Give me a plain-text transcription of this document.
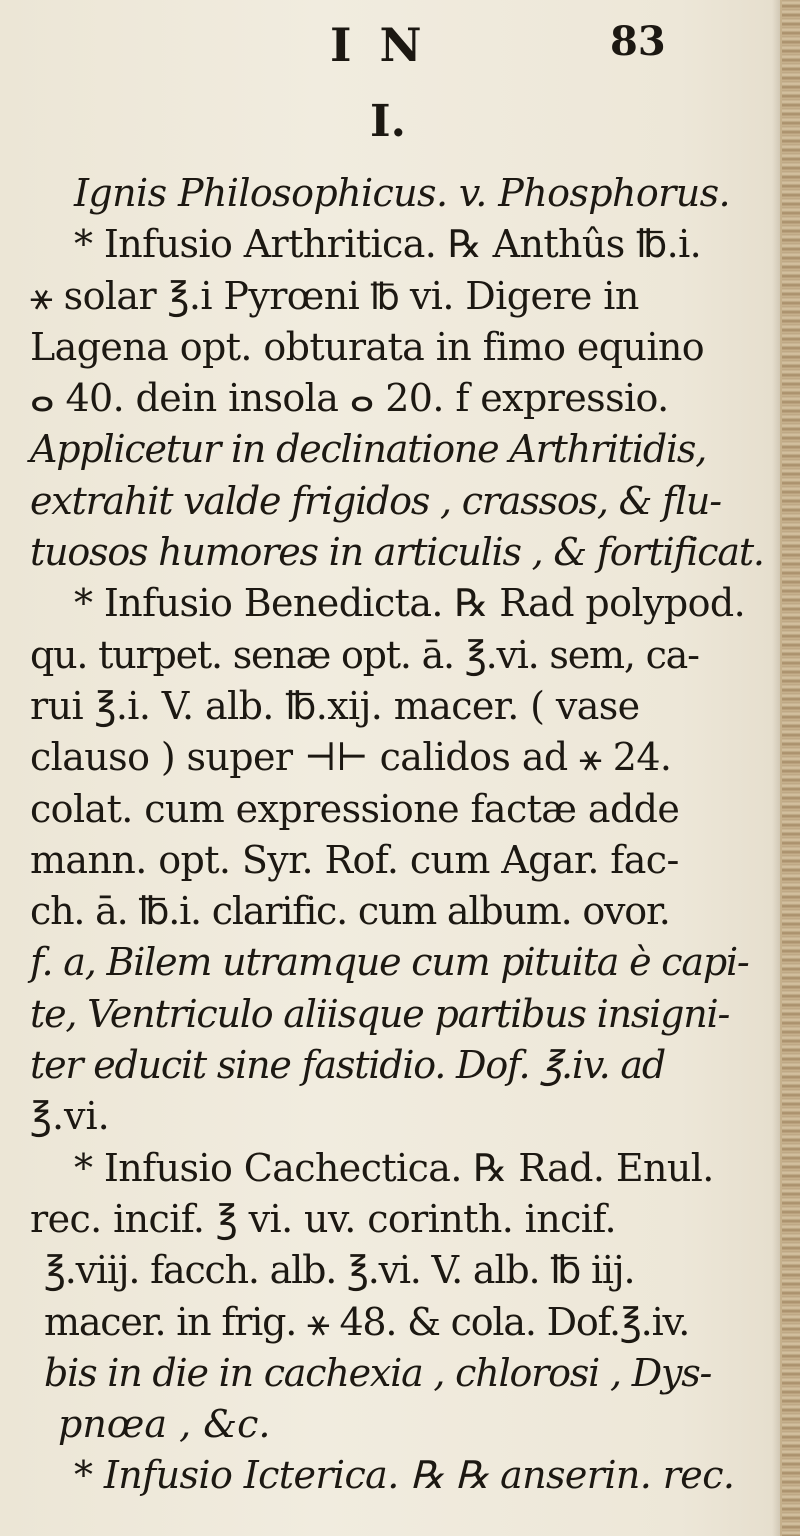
I N	83
I.
Ignis Philosophicus. v. Phosphorus.
* Infusio Arthritica. ℞ Anthûs ℔.i.
⚹ solar ℥.i Pyrœni ℔ vi. Digere in
Lagena opt. obturata in fimo equino
ⴰ 40. dein insola ⴰ 20. f expressio.
Applicetur in declinatione Arthritidis,
extrahit valde frigidos , crassos, & flu-
tuosos humores in articulis , & fortificat.
* Infusio Benedicta. ℞ Rad polypod.
qu. turpet. senæ opt. ā. ℥.vi. sem, ca-
rui ℥.i. V. alb. ℔.xij. macer. ( vase
clauso ) super ⊣⊢ calidos ad ⚹ 24.
colat. cum expressione factæ adde
mann. opt. Syr. Rof. cum Agar. fac-
ch. ā. ℔.i. clarific. cum album. ovor.
f. a, Bilem utramque cum pituita è capi-
te, Ventriculo aliisque partibus insigni-
ter educit sine fastidio. Dof. ℥.iv. ad
℥.vi.
* Infusio Cachectica. ℞ Rad. Enul.
rec. incif. ℥ vi. uv. corinth. incif.
℥.viij. facch. alb. ℥.vi. V. alb. ℔ iij.
macer. in frig. ⚹ 48. & cola. Dof.℥.iv.
bis in die in cachexia , chlorosi , Dys-
pnœa , &c.
* Infusio Icterica. ℞ ℞ anserin. rec.
